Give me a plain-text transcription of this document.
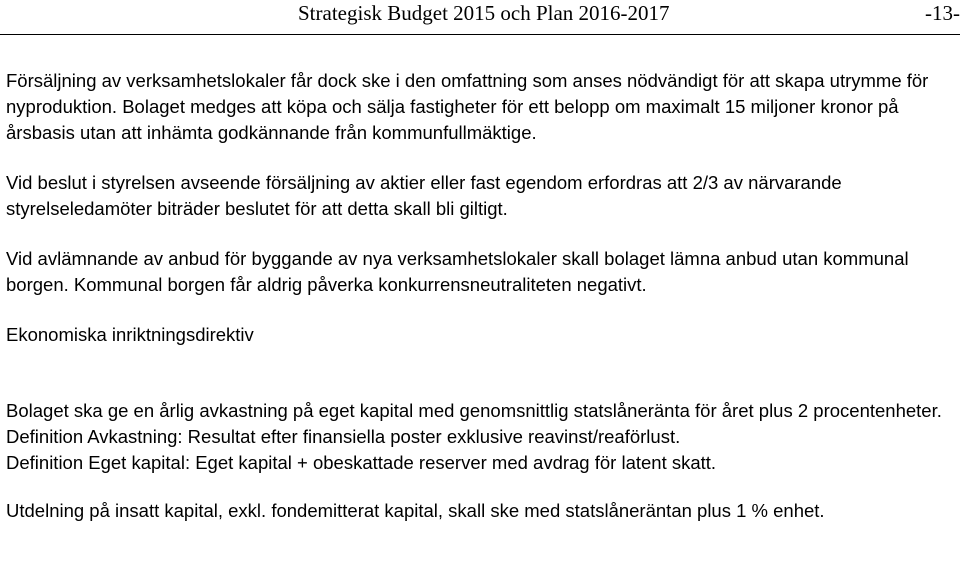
Strategisk Budget 2015 och Plan 2016-2017	-13-

Försäljning av verksamhetslokaler får dock ske i den omfattning som anses nödvändigt för att skapa utrymme för nyproduktion. Bolaget medges att köpa och sälja fastigheter för ett belopp om maximalt 15 miljoner kronor på årsbasis utan att inhämta godkännande från kommunfullmäktige.

Vid beslut i styrelsen avseende försäljning av aktier eller fast egendom erfordras att 2/3 av närvarande styrelseledamöter biträder beslutet för att detta skall bli giltigt.

Vid avlämnande av anbud för byggande av nya verksamhetslokaler skall bolaget lämna anbud utan kommunal borgen. Kommunal borgen får aldrig påverka konkurrensneutraliteten negativt.

Ekonomiska inriktningsdirektiv

Bolaget ska ge en årlig avkastning på eget kapital med genomsnittlig statslåneränta för året plus 2 procentenheter.

Definition Avkastning: Resultat efter finansiella poster exklusive reavinst/reaförlust.

Definition Eget kapital: Eget kapital + obeskattade reserver med avdrag för latent skatt.

Utdelning på insatt kapital, exkl. fondemitterat kapital, skall ske med statslåneräntan plus 1 % enhet.
